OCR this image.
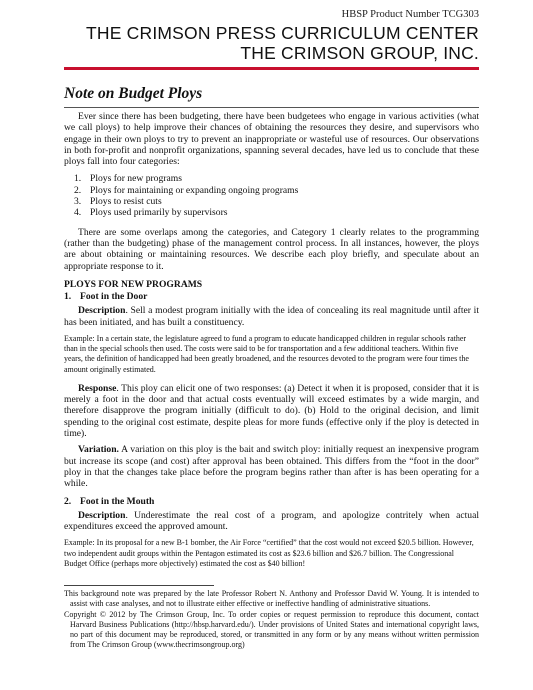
HBSP Product Number TCG303
THE CRIMSON PRESS CURRICULUM CENTER
THE CRIMSON GROUP, INC.
Note on Budget Ploys

Ever since there has been budgeting, there have been budgetees who engage in various activities (what we call ploys) to help improve their chances of obtaining the resources they desire, and supervisors who engage in their own ploys to try to prevent an inappropriate or wasteful use of resources. Our observations in both for-profit and nonprofit organizations, spanning several decades, have led us to conclude that these ploys fall into four categories:

1. Ploys for new programs
2. Ploys for maintaining or expanding ongoing programs
3. Ploys to resist cuts
4. Ploys used primarily by supervisors

There are some overlaps among the categories, and Category 1 clearly relates to the programming (rather than the budgeting) phase of the management control process. In all instances, however, the ploys are about obtaining or maintaining resources. We describe each ploy briefly, and speculate about an appropriate response to it.

PLOYS FOR NEW PROGRAMS
1. Foot in the Door

Description. Sell a modest program initially with the idea of concealing its real magnitude until after it has been initiated, and has built a constituency.

Example: In a certain state, the legislature agreed to fund a program to educate handicapped children in regular schools rather than in the special schools then used. The costs were said to be for transportation and a few additional teachers. Within five years, the definition of handicapped had been greatly broadened, and the resources devoted to the program were four times the amount originally estimated.

Response. This ploy can elicit one of two responses: (a) Detect it when it is proposed, consider that it is merely a foot in the door and that actual costs eventually will exceed estimates by a wide margin, and therefore disapprove the program initially (difficult to do). (b) Hold to the original decision, and limit spending to the original cost estimate, despite pleas for more funds (effective only if the ploy is detected in time).

Variation. A variation on this ploy is the bait and switch ploy: initially request an inexpensive program but increase its scope (and cost) after approval has been obtained. This differs from the “foot in the door” ploy in that the changes take place before the program begins rather than after is has been operating for a while.

2. Foot in the Mouth

Description. Underestimate the real cost of a program, and apologize contritely when actual expenditures exceed the approved amount.

Example: In its proposal for a new B-1 bomber, the Air Force “certified” that the cost would not exceed $20.5 billion. However, two independent audit groups within the Pentagon estimated its cost as $23.6 billion and $26.7 billion. The Congressional Budget Office (perhaps more objectively) estimated the cost as $40 billion!

This background note was prepared by the late Professor Robert N. Anthony and Professor David W. Young. It is intended to assist with case analyses, and not to illustrate either effective or ineffective handling of administrative situations.

Copyright © 2012 by The Crimson Group, Inc. To order copies or request permission to reproduce this document, contact Harvard Business Publications (http://hbsp.harvard.edu/). Under provisions of United States and international copyright laws, no part of this document may be reproduced, stored, or transmitted in any form or by any means without written permission from The Crimson Group (www.thecrimsongroup.org)
